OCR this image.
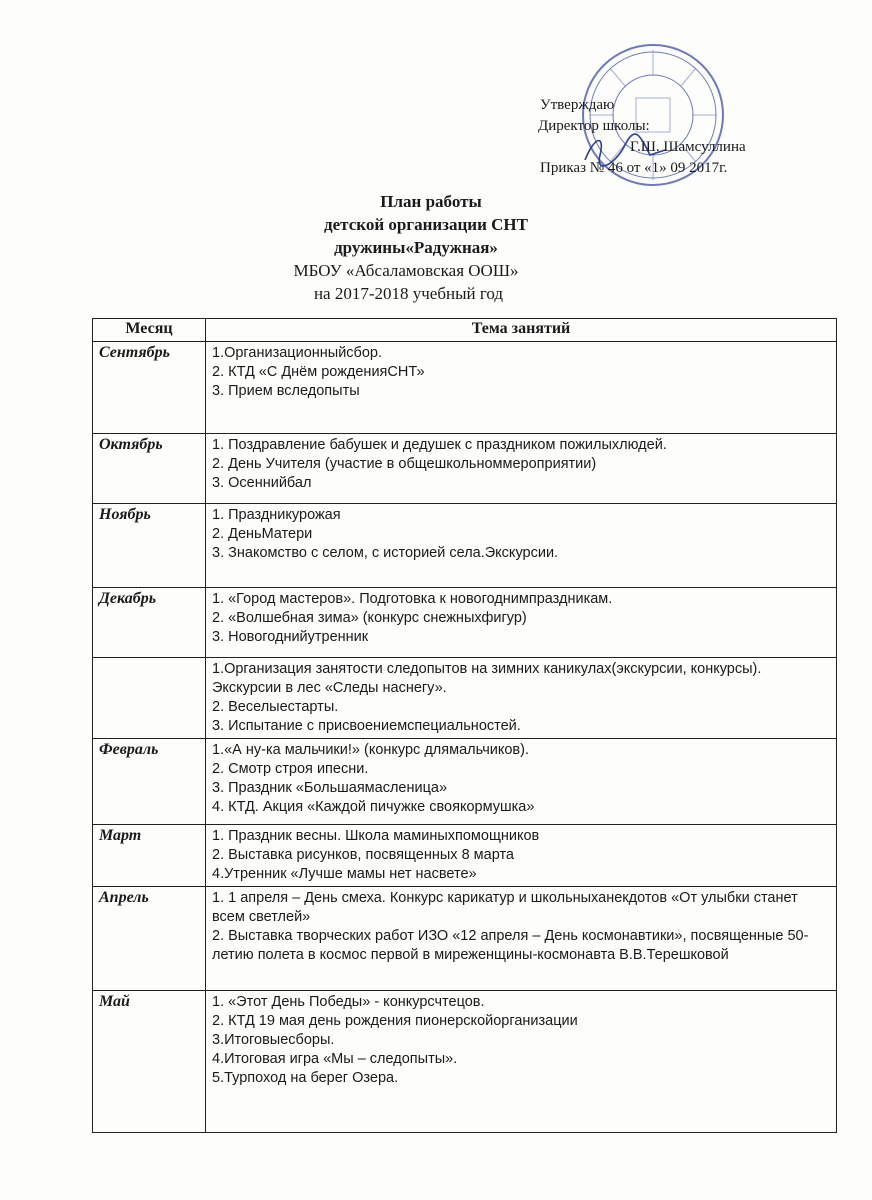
Утверждаю
Директор школы:
Г.Ш. Шамсуллина
Приказ № 46 от «1» 09 2017г.
План работы
детской организации СНТ
дружины«Радужная»
МБОУ «Абсаламовская ООШ»
на 2017-2018 учебный год
Месяц	Тема занятий
Сентябрь	1.Организационныйсбор.
2. КТД «С Днём рожденияСНТ»
3. Прием вследопыты

Октябрь	1. Поздравление бабушек и дедушек с праздником пожилыхлюдей.
2. День Учителя (участие в общешкольноммероприятии)
3. Осеннийбал

Ноябрь	1. Праздникурожая
2. ДеньМатери
3. Знакомство с селом, с историей села.Экскурсии.

Декабрь	1. «Город мастеров». Подготовка к новогоднимпраздникам.
2. «Волшебная зима» (конкурс снежныхфигур)
3. Новогоднийутренник

	1.Организация занятости следопытов на зимних каникулах(экскурсии, конкурсы). Экскурсии в лес «Следы наснегу».
2. Веселыестарты.
3. Испытание с присвоениемспециальностей.

Февраль	1.«А ну-ка мальчики!» (конкурс длямальчиков).
2. Смотр строя ипесни.
3. Праздник «Большаямасленица»
4. КТД. Акция «Каждой пичужке своякормушка»

Март	1. Праздник весны. Школа маминыхпомощников
2. Выставка рисунков, посвященных 8 марта
4.Утренник «Лучше мамы нет насвете»

Апрель	1. 1 апреля – День смеха. Конкурс карикатур и школьныханекдотов «От улыбки станет всем светлей»
2. Выставка творческих работ ИЗО «12 апреля – День космонавтики», посвященные 50- летию полета в космос первой в миреженщины-космонавта В.В.Терешковой

Май	1. «Этот День Победы» - конкурсчтецов.
2. КТД 19 мая день рождения пионерскойорганизации
3.Итоговыесборы.
4.Итоговая игра «Мы – следопыты».
5.Турпоход на берег Озера.
